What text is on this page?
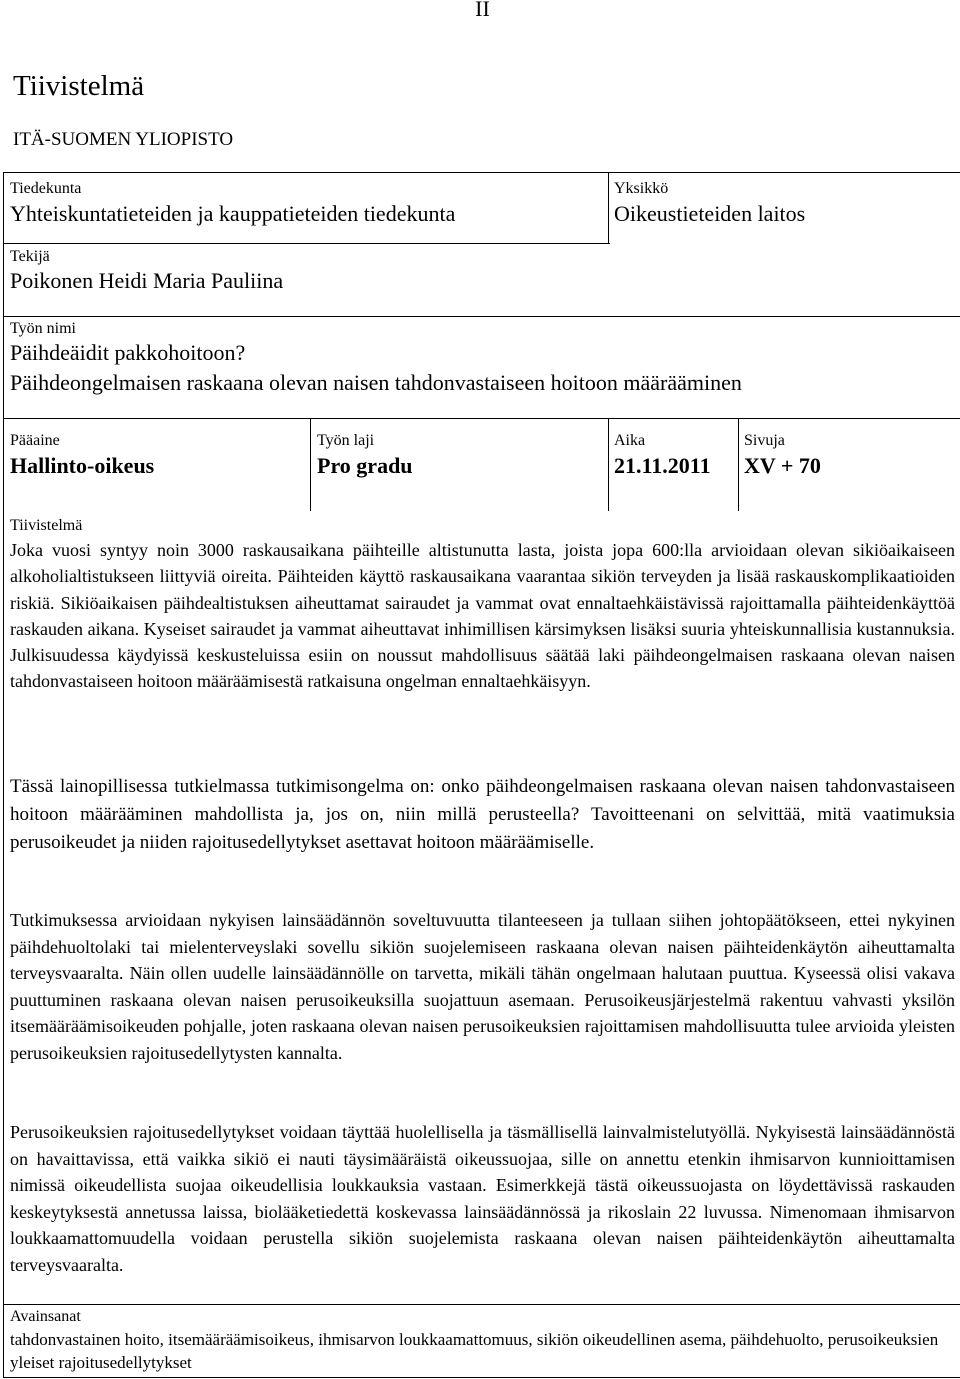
II
Tiivistelmä
ITÄ-SUOMEN YLIOPISTO
Tiedekunta
Yhteiskuntatieteiden ja kauppatieteiden tiedekunta
Yksikkö
Oikeustieteiden laitos
Tekijä
Poikonen Heidi Maria Pauliina
Työn nimi
Päihdeäidit pakkohoitoon?
Päihdeongelmaisen raskaana olevan naisen tahdonvastaiseen hoitoon määrääminen
Pääaine
Hallinto-oikeus
Työn laji
Pro gradu
Aika
21.11.2011
Sivuja
XV + 70
Tiivistelmä
Joka vuosi syntyy noin 3000 raskausaikana päihteille altistunutta lasta, joista jopa 600:lla arvioidaan olevan sikiöaikaiseen alkoholialtistukseen liittyviä oireita. Päihteiden käyttö raskausaikana vaarantaa sikiön terveyden ja lisää raskauskomplikaatioiden riskiä. Sikiöaikaisen päihdealtistuksen aiheuttamat sairaudet ja vammat ovat ennaltaehkäistävissä rajoittamalla päihteidenkäyttöä raskauden aikana. Kyseiset sairaudet ja vammat aiheuttavat inhimillisen kärsimyksen lisäksi suuria yhteiskunnallisia kustannuksia. Julkisuudessa käydyissä keskusteluissa esiin on noussut mahdollisuus säätää laki päihdeongelmaisen raskaana olevan naisen tahdonvastaiseen hoitoon määräämisestä ratkaisuna ongelman ennaltaehkäisyyn.
Tässä lainopillisessa tutkielmassa tutkimisongelma on: onko päihdeongelmaisen raskaana olevan naisen tahdonvastaiseen hoitoon määrääminen mahdollista ja, jos on, niin millä perusteella? Tavoitteenani on selvittää, mitä vaatimuksia perusoikeudet ja niiden rajoitusedellytykset asettavat hoitoon määräämiselle.
Tutkimuksessa arvioidaan nykyisen lainsäädännön soveltuvuutta tilanteeseen ja tullaan siihen johtopäätökseen, ettei nykyinen päihdehuoltolaki tai mielenterveyslaki sovellu sikiön suojelemiseen raskaana olevan naisen päihteidenkäytön aiheuttamalta terveysvaaralta. Näin ollen uudelle lainsäädännölle on tarvetta, mikäli tähän ongelmaan halutaan puuttua. Kyseessä olisi vakava puuttuminen raskaana olevan naisen perusoikeuksilla suojattuun asemaan. Perusoikeusjärjestelmä rakentuu vahvasti yksilön itsemääräämisoikeuden pohjalle, joten raskaana olevan naisen perusoikeuksien rajoittamisen mahdollisuutta tulee arvioida yleisten perusoikeuksien rajoitusedellytysten kannalta.
Perusoikeuksien rajoitusedellytykset voidaan täyttää huolellisella ja täsmällisellä lainvalmistelutyöllä. Nykyisestä lainsäädännöstä on havaittavissa, että vaikka sikiö ei nauti täysimääräistä oikeussuojaa, sille on annettu etenkin ihmisarvon kunnioittamisen nimissä oikeudellista suojaa oikeudellisia loukkauksia vastaan. Esimerkkejä tästä oikeussuojasta on löydettävissä raskauden keskeytyksestä annetussa laissa, biolääketiedettä koskevassa lainsäädännössä ja rikoslain 22 luvussa. Nimenomaan ihmisarvon loukkaamattomuudella voidaan perustella sikiön suojelemista raskaana olevan naisen päihteidenkäytön aiheuttamalta terveysvaaralta.
Avainsanat
tahdonvastainen hoito, itsemääräämisoikeus, ihmisarvon loukkaamattomuus, sikiön oikeudellinen asema, päihdehuolto, perusoikeuksien yleiset rajoitusedellytykset
